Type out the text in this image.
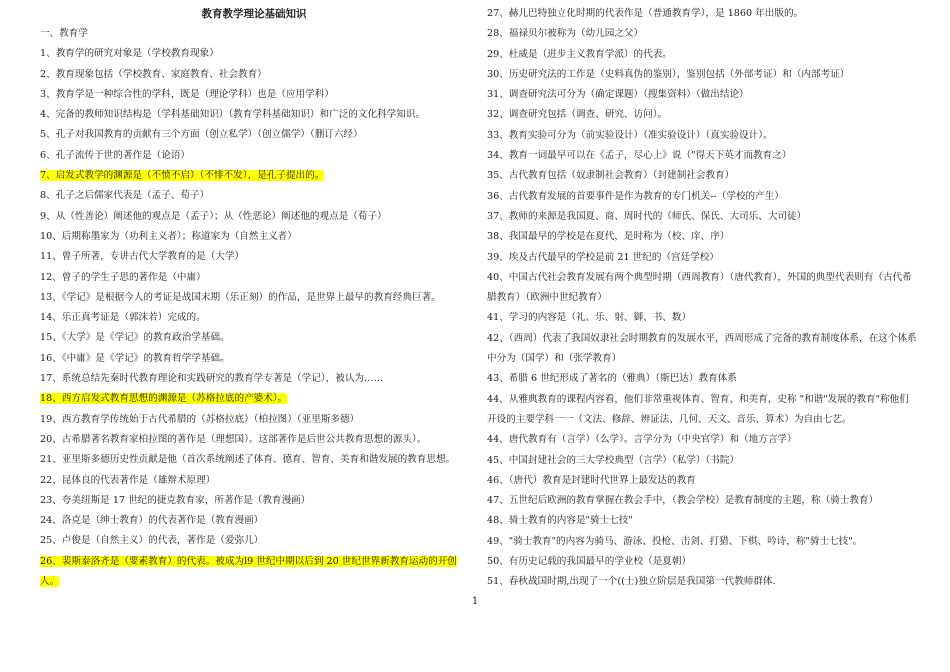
教育教学理论基础知识

一、教育学

1、教育学的研究对象是（学校教育现象）

2、教育现象包括（学校教育、家庭教育、社会教育）

3、教育学是一种综合性的学科，既是（理论学科）也是（应用学科）

4、完备的教师知识结构是（学科基础知识）（教育学科基础知识）和广泛的文化科学知识。

5、孔子对我国教育的贡献有三个方面（创立私学）（创立儒学）（删订六经）

6、孔子流传于世的著作是（论语）

7、启发式教学的渊源是（不愤不启）（不悱不发），是孔子提出的。

8、孔子之后儒家代表是（孟子、荀子）

9、从（性善论）阐述他的观点是（孟子）；从（性恶论）阐述他的观点是（荀子）

10、后期称墨家为（功利主义者）；称道家为（自然主义者）

11、曾子所著，专讲古代大学教育的是（大学）

12、曾子的学生子思的著作是（中庸）

13、《学记》是根据今人的考证是战国末期（乐正刻）的作品，是世界上最早的教育经典巨著。

14、乐正真考证是（郭沫若）完成的。

15、《大学》是《学记》的教育政治学基础。

16、《中庸》是《学记》的教育哲学学基础。

17、系统总结先秦时代教育理论和实践研究的教育学专著是（学记），被认为……

18、西方启发式教育思想的渊源是（苏格拉底的产婆术）。

19、西方教育学传统始于古代希腊的（苏格拉底）（柏拉图）（亚里斯多德）

20、古希腊著名教育家柏拉图的著作是（理想国）。这部著作是后世公共教育思想的源头）。

21、亚里斯多德历史性贡献是他（首次系统阐述了体育、德育、智育、美育和谐发展的教育思想。

22、昆体良的代表著作是（雄辩术原理）

23、夸美纽斯是 17 世纪的捷克教育家，所著作是（教育漫画）

24、洛克是（绅士教育）的代表著作是（教育漫画）

25、卢俊是（自然主义）的代表，著作是（爱弥儿）

26、裴斯泰洛齐是（要素教育）的代表。被成为l9 世纪中期以后到 20 世纪世界新教育运动的开创人。

27、赫儿巴特独立化时期的代表作是（普通教育学），是 1860 年出版的。

28、福禄贝尔被称为（幼儿园之父）

29、杜威是（进步主义教育学派）的代表。

30、历史研究法的工作是（史料真伪的鉴别），鉴别包括（外部考证）和（内部考证）

31、调查研究法可分为（确定课题）（搜集资料）（做出结论）

32、调查研究包括（调查、研究、访问）。

33、教育实验可分为（前实验设计）（准实验设计）（真实验设计）。

34、教育一词最早可以在《孟子，尽心上》说（"得天下英才而教育之）

35、古代教育包括（奴隶制社会教育）（封建制社会教育）

36、古代教育发展的首要事件是作为教育的专门机关--（学校的产生）

37、教师的来源是我国夏、商、周时代的（师氏、保氏、大司乐、大司徒）

38、我国最早的学校是在夏代，是时称为（校、庠、序）

39、埃及古代最早的学校是前 21 世纪的（宫廷学校）

40、中国古代社会教育发展有两个典型时期（西周教育）（唐代教育），外国的典型代表则有（古代希腊教育）（欧洲中世纪教育）

41、学习的内容是（礼、乐、射、御、书、数）

42、（西周）代表了我国奴隶社会时期教育的发展水平，西周形成了完备的教育制度体系，在这个体系中分为（国学）和（张学教育）

43、希腊 6 世纪形成了著名的（雅典）（斯巴达）教育体系

44、从雅典教育的课程内容看，他们非常重视体育、智育、和美育，史称 "和谐"发展的教育"称他们开设的主要学科一一（文法、修辞、辨证法、几何、天文、音乐、算术）为自由七艺。

44、唐代教育有（言学）（么学）。言学分为（中央官学）和（地方言学）

45、中国封建社会的三大学校典型（言学）（私学）（书院）

46、（唐代）教育是封建时代世界上最发达的教育

47、五世纪后欧洲的教育掌握在教会手中，（教会学校）是教育制度的主题，称（骑士教育）

48、骑士教育的内容是"骑士七技"

49、"骑士教育"的内容为骑马、游泳、投枪、击剑、打猎、下棋、吟诗，称"骑士七技"。

50、有历史记载的我国最早的学业校（是夏朝）

51、春秋战国时期,出现了一个((士)独立阶层是我国第一代教师群体.

1
